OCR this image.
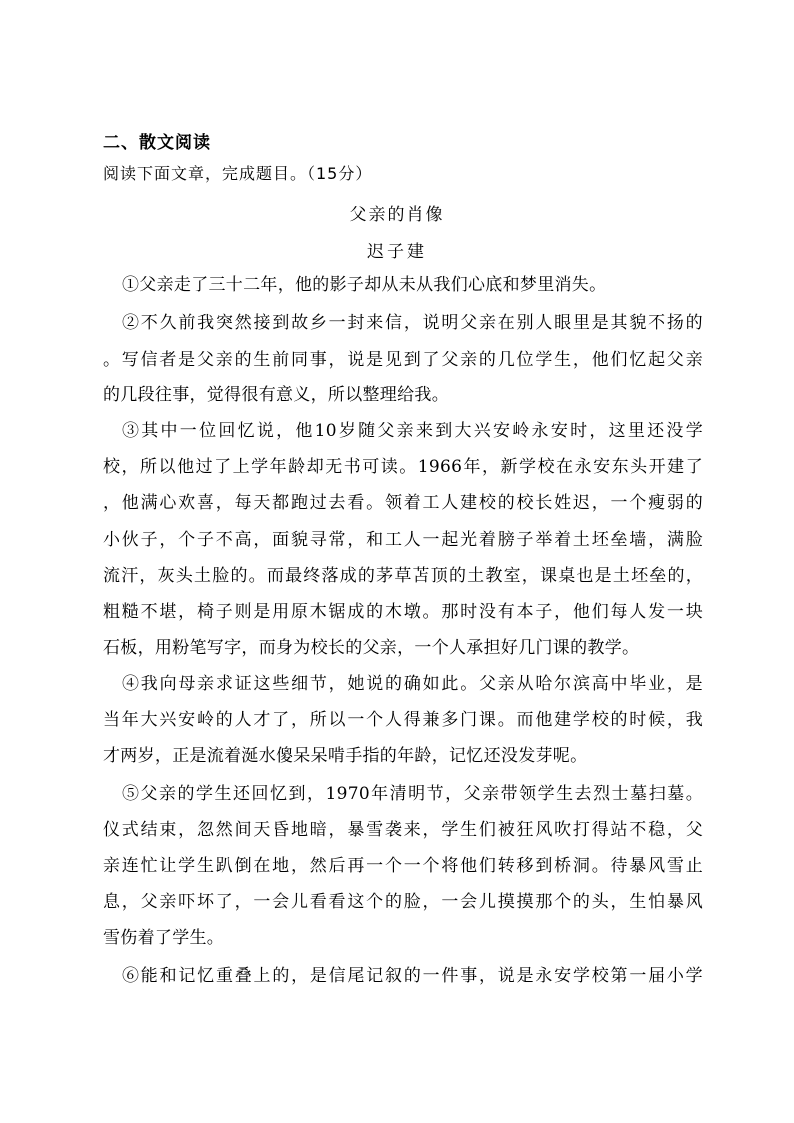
二、散文阅读
阅读下面文章，完成题目。（15分）
父亲的肖像
迟子建
①父亲走了三十二年，他的影子却从未从我们心底和梦里消失。
②不久前我突然接到故乡一封来信，说明父亲在别人眼里是其貌不扬的
。写信者是父亲的生前同事，说是见到了父亲的几位学生，他们忆起父亲
的几段往事，觉得很有意义，所以整理给我。
③其中一位回忆说，他10岁随父亲来到大兴安岭永安时，这里还没学
校，所以他过了上学年龄却无书可读。1966年，新学校在永安东头开建了
，他满心欢喜，每天都跑过去看。领着工人建校的校长姓迟，一个瘦弱的
小伙子，个子不高，面貌寻常，和工人一起光着膀子举着土坯垒墙，满脸
流汗，灰头土脸的。而最终落成的茅草苫顶的土教室，课桌也是土坯垒的，
粗糙不堪，椅子则是用原木锯成的木墩。那时没有本子，他们每人发一块
石板，用粉笔写字，而身为校长的父亲，一个人承担好几门课的教学。
④我向母亲求证这些细节，她说的确如此。父亲从哈尔滨高中毕业，是
当年大兴安岭的人才了，所以一个人得兼多门课。而他建学校的时候，我
才两岁，正是流着涎水傻呆呆啃手指的年龄，记忆还没发芽呢。
⑤父亲的学生还回忆到，1970年清明节，父亲带领学生去烈士墓扫墓。
仪式结束，忽然间天昏地暗，暴雪袭来，学生们被狂风吹打得站不稳，父
亲连忙让学生趴倒在地，然后再一个一个将他们转移到桥洞。待暴风雪止
息，父亲吓坏了，一会儿看看这个的脸，一会儿摸摸那个的头，生怕暴风
雪伤着了学生。
⑥能和记忆重叠上的，是信尾记叙的一件事，说是永安学校第一届小学
